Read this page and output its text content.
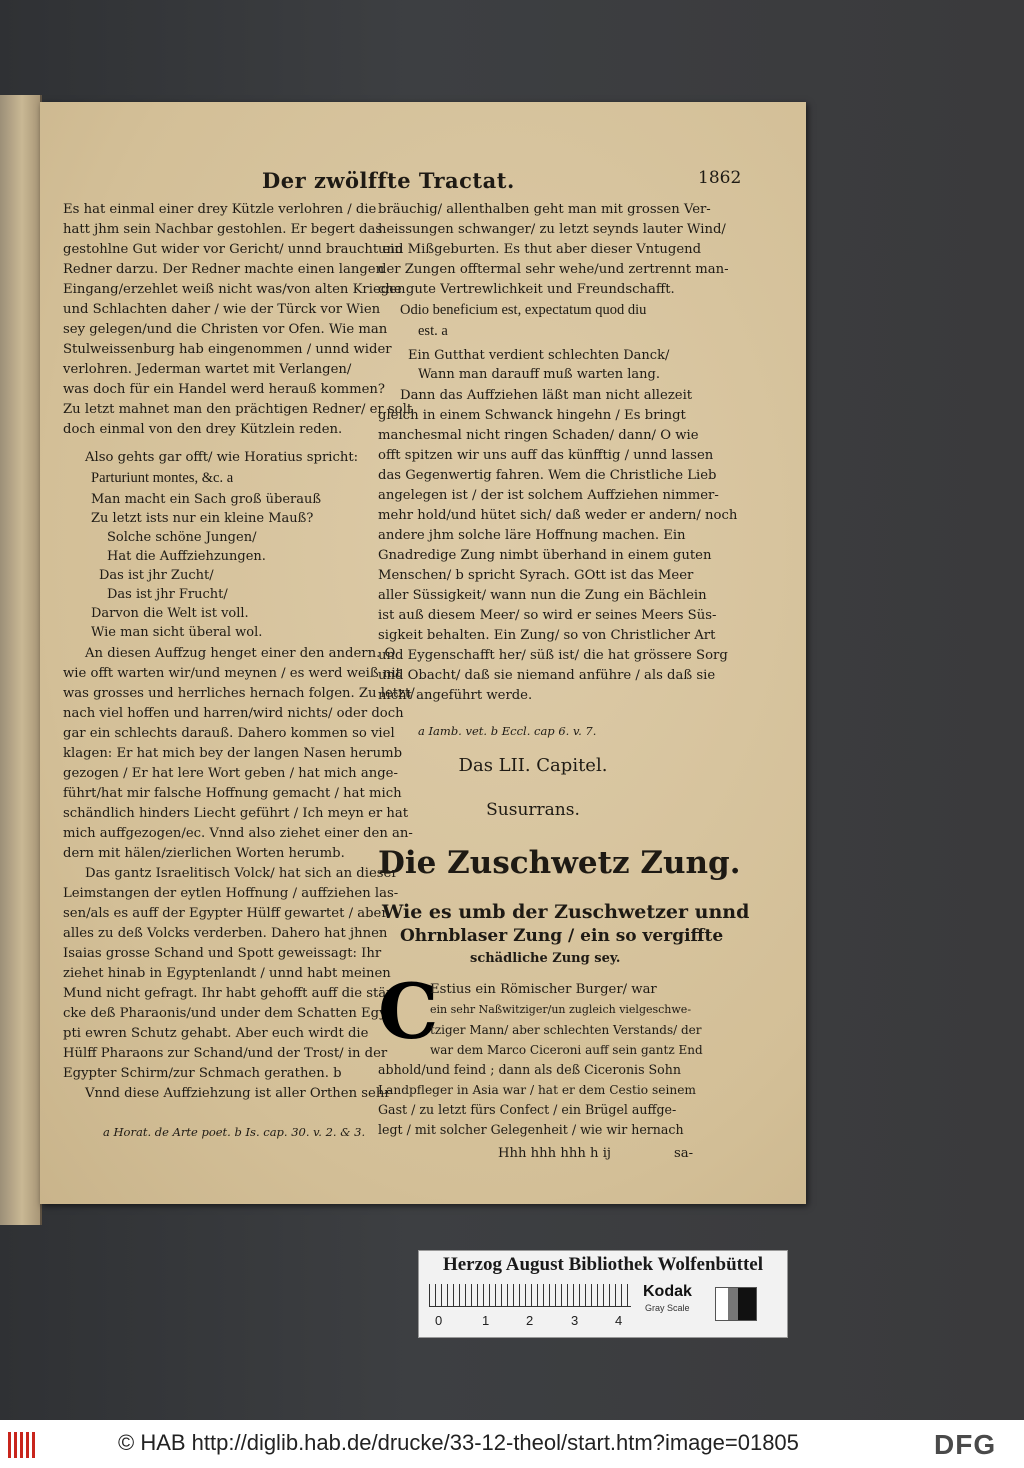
Der zwölffte Tractat.	1862
Es hat einmal einer drey Kützle verlohren / die
hatt jhm sein Nachbar gestohlen. Er begert das
gestohlne Gut wider vor Gericht/ unnd braucht ein
Redner darzu. Der Redner machte einen langen
Eingang/erzehlet weiß nicht was/von alten Kriegen
und Schlachten daher / wie der Türck vor Wien
sey gelegen/und die Christen vor Ofen. Wie man
Stulweissenburg hab eingenommen / unnd wider
verlohren. Jederman wartet mit Verlangen/
was doch für ein Handel werd herauß kommen?
Zu letzt mahnet man den prächtigen Redner/ er solt
doch einmal von den drey Kützlein reden.
Also gehts gar offt/ wie Horatius spricht:
Parturiunt montes, &c. a
Man macht ein Sach groß überauß
Zu letzt ists nur ein kleine Mauß?
Solche schöne Jungen/
Hat die Auffziehzungen.
Das ist jhr Zucht/
Das ist jhr Frucht/
Darvon die Welt ist voll.
Wie man sicht überal wol.
An diesen Auffzug henget einer den andern. O
wie offt warten wir/und meynen / es werd weiß nit
was grosses und herrliches hernach folgen. Zu letzt/
nach viel hoffen und harren/wird nichts/ oder doch
gar ein schlechts darauß. Dahero kommen so viel
klagen: Er hat mich bey der langen Nasen herumb
gezogen / Er hat lere Wort geben / hat mich ange-
führt/hat mir falsche Hoffnung gemacht / hat mich
schändlich hinders Liecht geführt / Ich meyn er hat
mich auffgezogen/ec. Vnnd also ziehet einer den an-
dern mit hälen/zierlichen Worten herumb.
Das gantz Israelitisch Volck/ hat sich an dieser
Leimstangen der eytlen Hoffnung / auffziehen las-
sen/als es auff der Egypter Hülff gewartet / aber
alles zu deß Volcks verderben. Dahero hat jhnen
Isaias grosse Schand und Spott geweissagt: Ihr
ziehet hinab in Egyptenlandt / unnd habt meinen
Mund nicht gefragt. Ihr habt gehofft auff die stär-
cke deß Pharaonis/und under dem Schatten Egy-
pti ewren Schutz gehabt. Aber euch wirdt die
Hülff Pharaons zur Schand/und der Trost/ in der
Egypter Schirm/zur Schmach gerathen. b
Vnnd diese Auffziehzung ist aller Orthen sehr
a Horat. de Arte poet. b Is. cap. 30. v. 2. & 3.
bräuchig/ allenthalben geht man mit grossen Ver-
heissungen schwanger/ zu letzt seynds lauter Wind/
und Mißgeburten. Es thut aber dieser Vntugend
der Zungen offtermal sehr wehe/und zertrennt man-
che gute Vertrewlichkeit und Freundschafft.
Odio beneficium est, expectatum quod diu
est. a
Ein Gutthat verdient schlechten Danck/
Wann man darauff muß warten lang.
Dann das Auffziehen läßt man nicht allezeit
gleich in einem Schwanck hingehn / Es bringt
manchesmal nicht ringen Schaden/ dann/ O wie
offt spitzen wir uns auff das künfftig / unnd lassen
das Gegenwertig fahren. Wem die Christliche Lieb
angelegen ist / der ist solchem Auffziehen nimmer-
mehr hold/und hütet sich/ daß weder er andern/ noch
andere jhm solche läre Hoffnung machen. Ein
Gnadredige Zung nimbt überhand in einem guten
Menschen/ b spricht Syrach. GOtt ist das Meer
aller Süssigkeit/ wann nun die Zung ein Bächlein
ist auß diesem Meer/ so wird er seines Meers Süs-
sigkeit behalten. Ein Zung/ so von Christlicher Art
und Eygenschafft her/ süß ist/ die hat grössere Sorg
und Obacht/ daß sie niemand anführe / als daß sie
nicht angeführt werde.
a Iamb. vet. b Eccl. cap 6. v. 7.
Das LII. Capitel.
Susurrans.
Die Zuschwetz Zung.
Wie es umb der Zuschwetzer unnd
Ohrnblaser Zung / ein so vergiffte
schädliche Zung sey.
C
Estius ein Römischer Burger/ war
ein sehr Naßwitziger/un zugleich vielgeschwe-
tziger Mann/ aber schlechten Verstands/ der
war dem Marco Ciceroni auff sein gantz End
abhold/und feind ; dann als deß Ciceronis Sohn
Landpfleger in Asia war / hat er dem Cestio seinem
Gast / zu letzt fürs Confect / ein Brügel auffge-
legt / mit solcher Gelegenheit / wie wir hernach
Hhh hhh hhh h ij	sa-
Herzog August Bibliothek Wolfenbüttel
0	1	2	3	4
Kodak
Gray Scale
© HAB http://diglib.hab.de/drucke/33-12-theol/start.htm?image=01805	DFG
